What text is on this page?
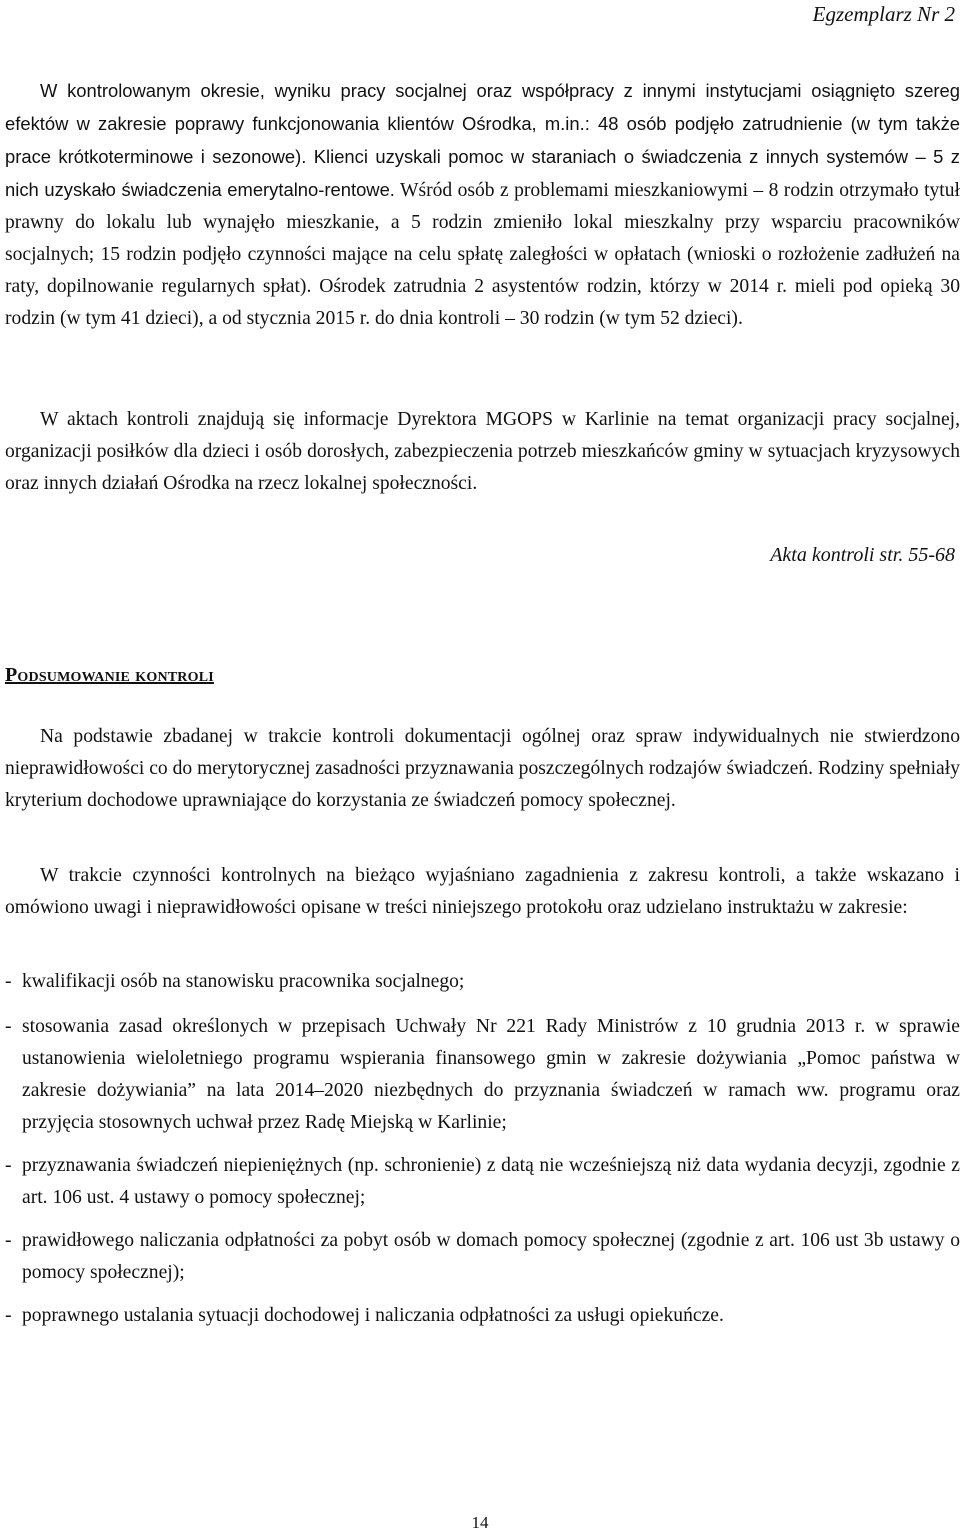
Egzemplarz Nr 2

W kontrolowanym okresie, wyniku pracy socjalnej oraz współpracy z innymi instytucjami osiągnięto szereg efektów w zakresie poprawy funkcjonowania klientów Ośrodka, m.in.: 48 osób podjęło zatrudnienie (w tym także prace krótkoterminowe i sezonowe). Klienci uzyskali pomoc w staraniach o świadczenia z innych systemów – 5 z nich uzyskało świadczenia emerytalno-rentowe. Wśród osób z problemami mieszkaniowymi – 8 rodzin otrzymało tytuł prawny do lokalu lub wynajęło mieszkanie, a 5 rodzin zmieniło lokal mieszkalny przy wsparciu pracowników socjalnych; 15 rodzin podjęło czynności mające na celu spłatę zaległości w opłatach (wnioski o rozłożenie zadłużeń na raty, dopilnowanie regularnych spłat). Ośrodek zatrudnia 2 asystentów rodzin, którzy w 2014 r. mieli pod opieką 30 rodzin (w tym 41 dzieci), a od stycznia 2015 r. do dnia kontroli – 30 rodzin (w tym 52 dzieci).

W aktach kontroli znajdują się informacje Dyrektora MGOPS w Karlinie na temat organizacji pracy socjalnej, organizacji posiłków dla dzieci i osób dorosłych, zabezpieczenia potrzeb mieszkańców gminy w sytuacjach kryzysowych oraz innych działań Ośrodka na rzecz lokalnej społeczności.

Akta kontroli str. 55-68
Podsumowanie kontroli

Na podstawie zbadanej w trakcie kontroli dokumentacji ogólnej oraz spraw indywidualnych nie stwierdzono nieprawidłowości co do merytorycznej zasadności przyznawania poszczególnych rodzajów świadczeń. Rodziny spełniały kryterium dochodowe uprawniające do korzystania ze świadczeń pomocy społecznej.

W trakcie czynności kontrolnych na bieżąco wyjaśniano zagadnienia z zakresu kontroli, a także wskazano i omówiono uwagi i nieprawidłowości opisane w treści niniejszego protokołu oraz udzielano instruktażu w zakresie:

- kwalifikacji osób na stanowisku pracownika socjalnego;
- stosowania zasad określonych w przepisach Uchwały Nr 221 Rady Ministrów z 10 grudnia 2013 r. w sprawie ustanowienia wieloletniego programu wspierania finansowego gmin w zakresie dożywiania „Pomoc państwa w zakresie dożywiania” na lata 2014–2020 niezbędnych do przyznania świadczeń w ramach ww. programu oraz przyjęcia stosownych uchwał przez Radę Miejską w Karlinie;
- przyznawania świadczeń niepieniężnych (np. schronienie) z datą nie wcześniejszą niż data wydania decyzji, zgodnie z art. 106 ust. 4 ustawy o pomocy społecznej;
- prawidłowego naliczania odpłatności za pobyt osób w domach pomocy społecznej (zgodnie z art. 106 ust 3b ustawy o pomocy społecznej);
- poprawnego ustalania sytuacji dochodowej i naliczania odpłatności za usługi opiekuńcze.
14
